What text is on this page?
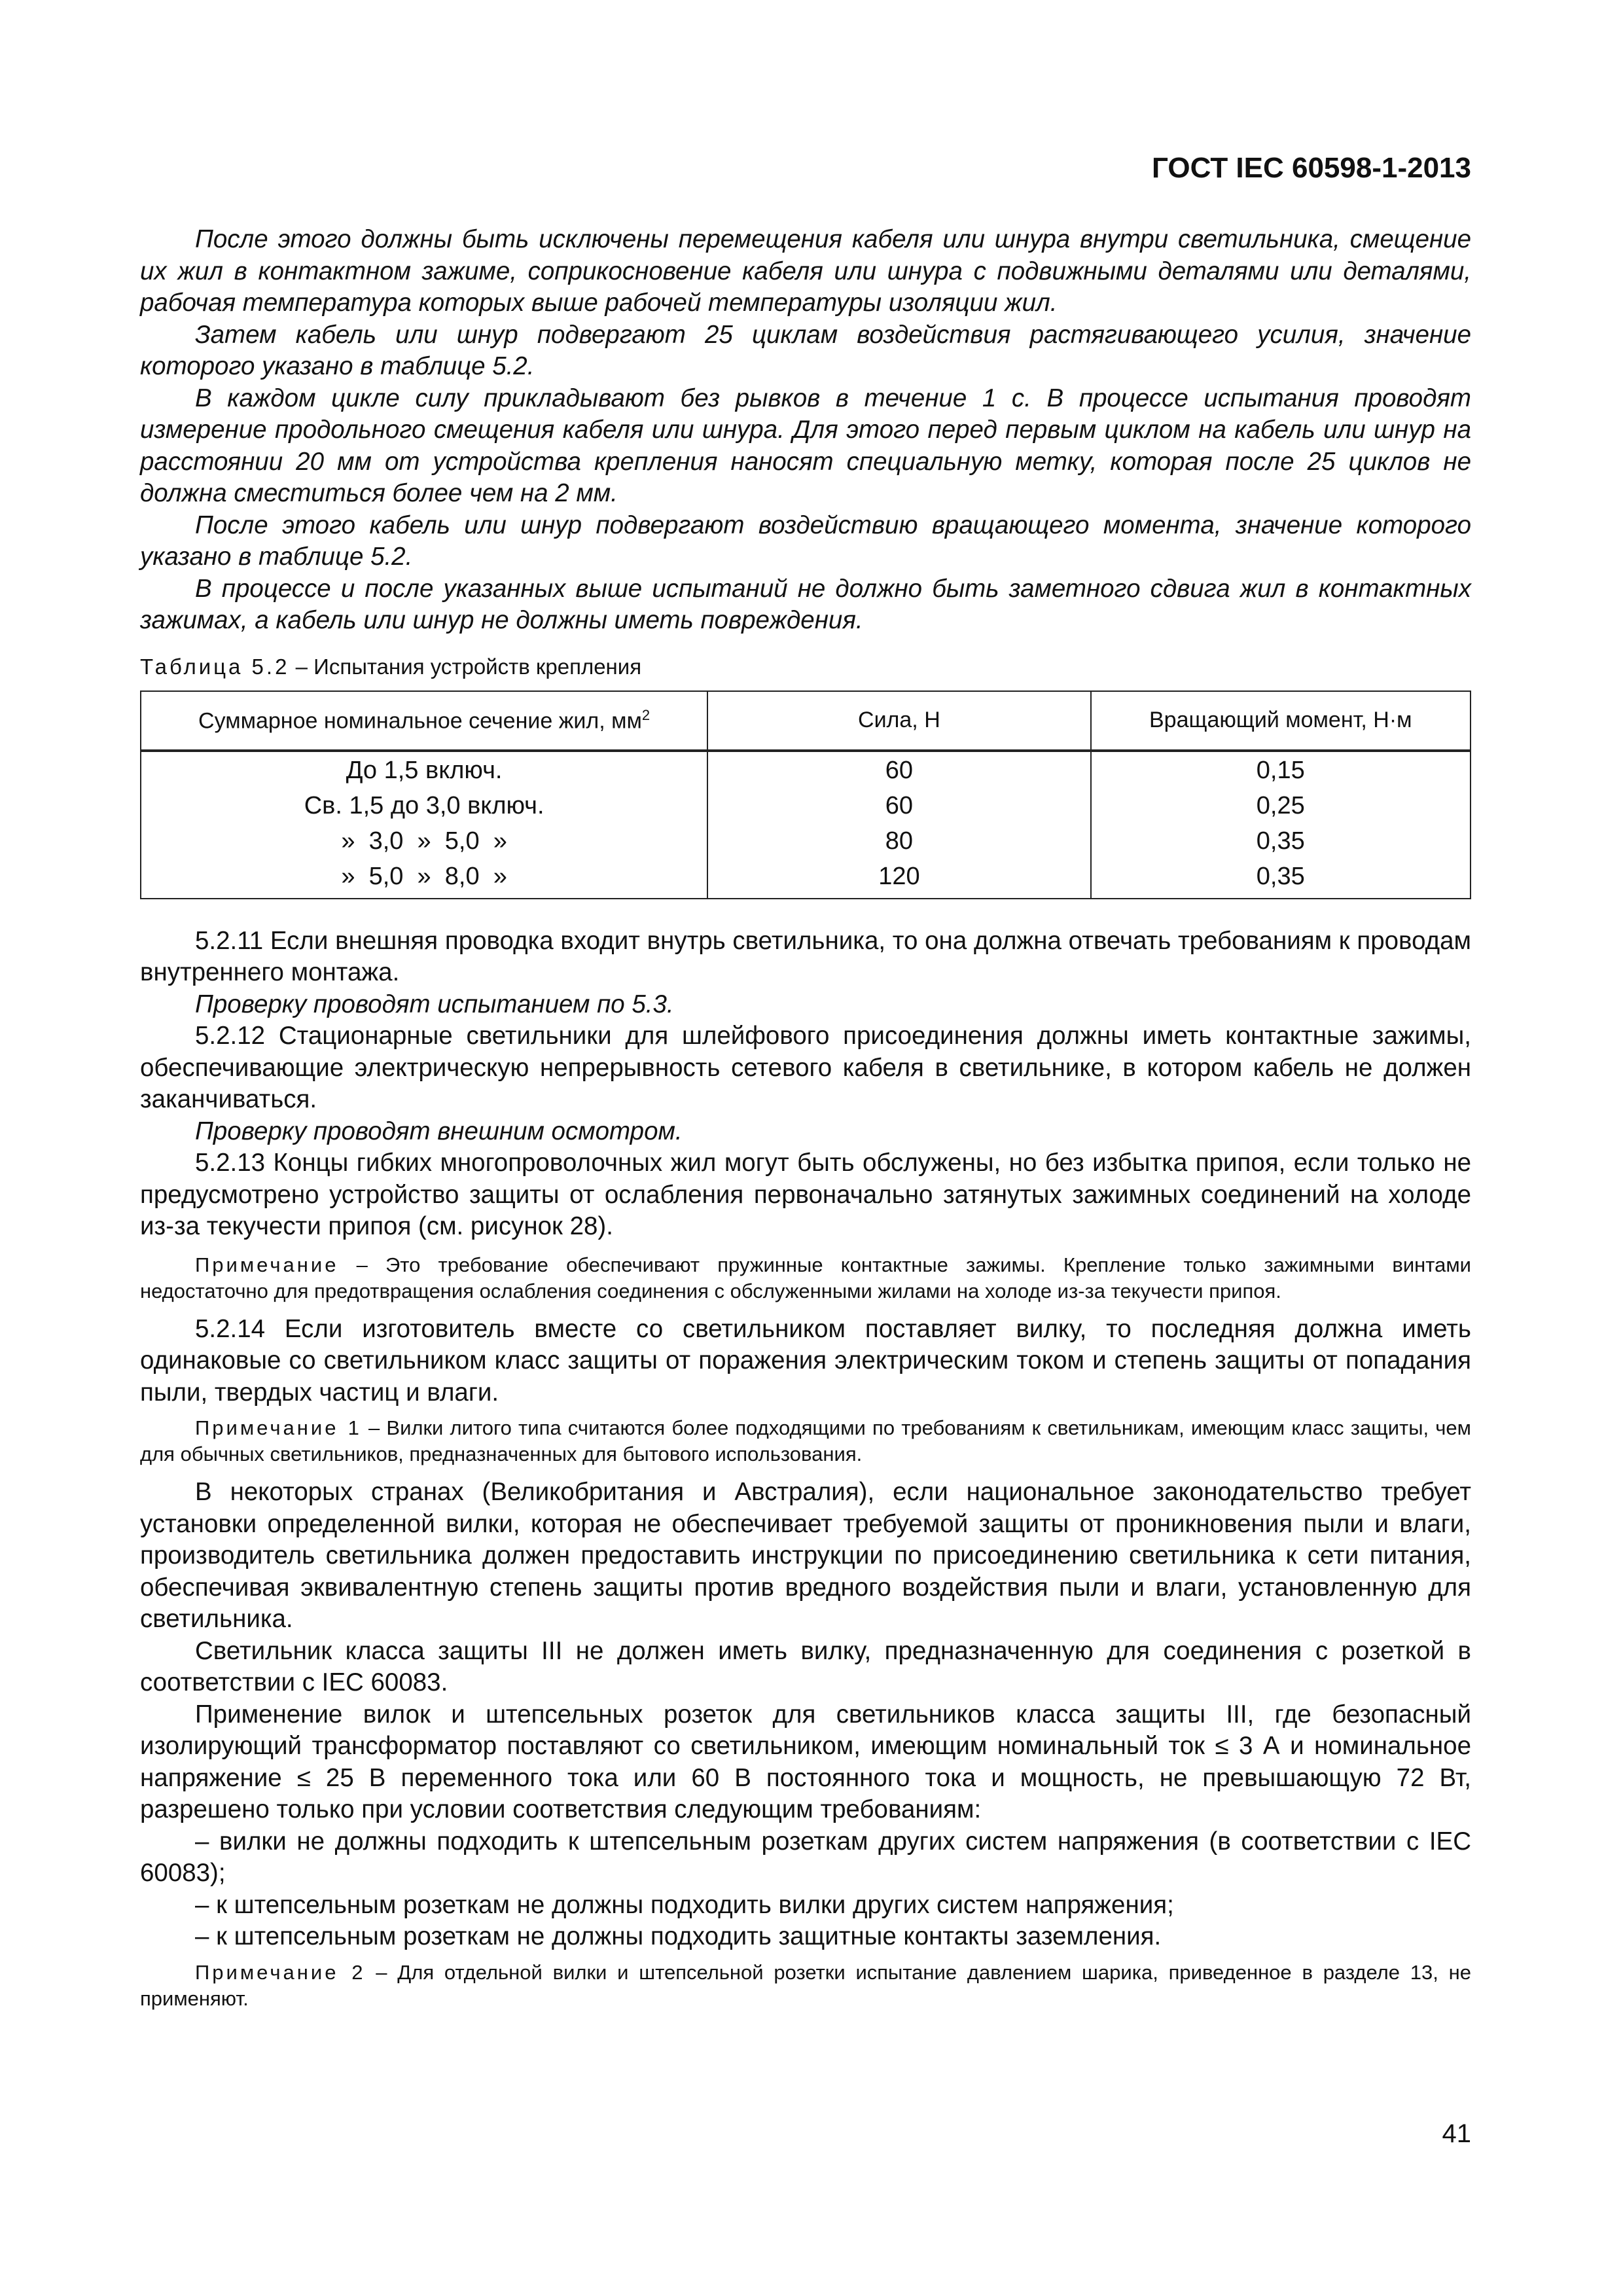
ГОСТ IEC 60598-1-2013

После этого должны быть исключены перемещения кабеля или шнура внутри светильника, смещение их жил в контактном зажиме, соприкосновение кабеля или шнура с подвижными деталями или деталями, рабочая температура которых выше рабочей температуры изоляции жил.

Затем кабель или шнур подвергают 25 циклам воздействия растягивающего усилия, значение которого указано в таблице 5.2.

В каждом цикле силу прикладывают без рывков в течение 1 с. В процессе испытания проводят измерение продольного смещения кабеля или шнура. Для этого перед первым циклом на кабель или шнур на расстоянии 20 мм от устройства крепления наносят специальную метку, которая после 25 циклов не должна сместиться более чем на 2 мм.

После этого кабель или шнур подвергают воздействию вращающего момента, значение которого указано в таблице 5.2.

В процессе и после указанных выше испытаний не должно быть заметного сдвига жил в контактных зажимах, а кабель или шнур не должны иметь повреждения.

Таблица 5.2 – Испытания устройств крепления
Суммарное номинальное сечение жил, $мм^2$	Сила, Н	Вращающий момент, Н·м
До 1,5 включ.	60	0,15
Св. 1,5 до 3,0 включ.	60	0,25
»  3,0  »  5,0  »	80	0,35
»  5,0  »  8,0  »	120	0,35

5.2.11 Если внешняя проводка входит внутрь светильника, то она должна отвечать требованиям к проводам внутреннего монтажа.

Проверку проводят испытанием по 5.3.

5.2.12 Стационарные светильники для шлейфового присоединения должны иметь контактные зажимы, обеспечивающие электрическую непрерывность сетевого кабеля в светильнике, в котором кабель не должен заканчиваться.

Проверку проводят внешним осмотром.

5.2.13 Концы гибких многопроволочных жил могут быть обслужены, но без избытка припоя, если только не предусмотрено устройство защиты от ослабления первоначально затянутых зажимных соединений на холоде из-за текучести припоя (см. рисунок 28).

Примечание – Это требование обеспечивают пружинные контактные зажимы. Крепление только зажимными винтами недостаточно для предотвращения ослабления соединения с обслуженными жилами на холоде из-за текучести припоя.

5.2.14 Если изготовитель вместе со светильником поставляет вилку, то последняя должна иметь одинаковые со светильником класс защиты от поражения электрическим током и степень защиты от попадания пыли, твердых частиц и влаги.

Примечание 1 – Вилки литого типа считаются более подходящими по требованиям к светильникам, имеющим класс защиты, чем для обычных светильников, предназначенных для бытового использования.

В некоторых странах (Великобритания и Австралия), если национальное законодательство требует установки определенной вилки, которая не обеспечивает требуемой защиты от проникновения пыли и влаги, производитель светильника должен предоставить инструкции по присоединению светильника к сети питания, обеспечивая эквивалентную степень защиты против вредного воздействия пыли и влаги, установленную для светильника.

Светильник класса защиты III не должен иметь вилку, предназначенную для соединения с розеткой в соответствии с IEC 60083.

Применение вилок и штепсельных розеток для светильников класса защиты III, где безопасный изолирующий трансформатор поставляют со светильником, имеющим номинальный ток ≤ 3 А и номинальное напряжение ≤ 25 В переменного тока или 60 В постоянного тока и мощность, не превышающую 72 Вт, разрешено только при условии соответствия следующим требованиям:

– вилки не должны подходить к штепсельным розеткам других систем напряжения (в соответствии с IEC 60083);

– к штепсельным розеткам не должны подходить вилки других систем напряжения;

– к штепсельным розеткам не должны подходить защитные контакты заземления.

Примечание 2 – Для отдельной вилки и штепсельной розетки испытание давлением шарика, приведенное в разделе 13, не применяют.
41
